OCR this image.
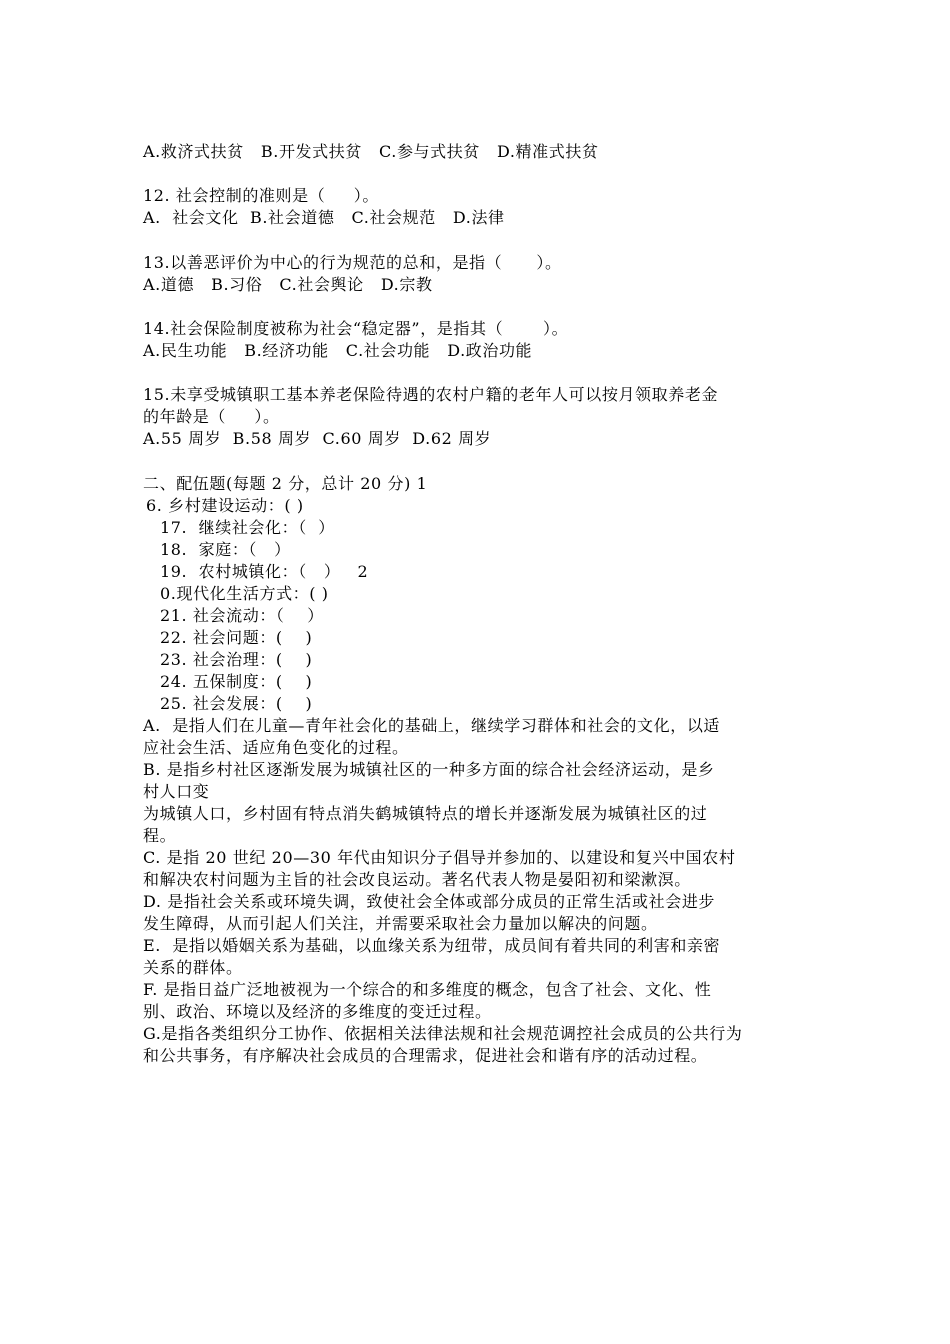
A.救济式扶贫   B.开发式扶贫   C.参与式扶贫   D.精准式扶贫
12. 社会控制的准则是（     ）。
A.  社会文化  B.社会道德   C.社会规范   D.法律
13.以善恶评价为中心的行为规范的总和，是指（      ）。
A.道德   B.习俗   C.社会舆论   D.宗教
14.社会保险制度被称为社会“稳定器”，是指其（       ）。
A.民生功能   B.经济功能   C.社会功能   D.政治功能
15.未享受城镇职工基本养老保险待遇的农村户籍的老年人可以按月领取养老金
的年龄是（     ）。
A.55 周岁  B.58 周岁  C.60 周岁  D.62 周岁
二、配伍题(每题 2 分，总计 20 分) 1
6. 乡村建设运动：( )
17.  继续社会化：（  ）
18.  家庭：（   ）
19.  农村城镇化：（   ）   2
0.现代化生活方式：( )
21. 社会流动：（    ）
22. 社会问题：(    )
23. 社会治理：(    )
24. 五保制度：(    )
25. 社会发展：(    )
A.  是指人们在儿童—青年社会化的基础上，继续学习群体和社会的文化，以适
应社会生活、适应角色变化的过程。
B. 是指乡村社区逐渐发展为城镇社区的一种多方面的综合社会经济运动，是乡
村人口变
为城镇人口，乡村固有特点消失鹤城镇特点的增长并逐渐发展为城镇社区的过
程。
C. 是指 20 世纪 20—30 年代由知识分子倡导并参加的、以建设和复兴中国农村
和解决农村问题为主旨的社会改良运动。著名代表人物是晏阳初和梁漱溟。
D. 是指社会关系或环境失调，致使社会全体或部分成员的正常生活或社会进步
发生障碍，从而引起人们关注，并需要采取社会力量加以解决的问题。
E.  是指以婚姻关系为基础，以血缘关系为纽带，成员间有着共同的利害和亲密
关系的群体。
F. 是指日益广泛地被视为一个综合的和多维度的概念，包含了社会、文化、性
别、政治、环境以及经济的多维度的变迁过程。
G.是指各类组织分工协作、依据相关法律法规和社会规范调控社会成员的公共行为
和公共事务，有序解决社会成员的合理需求，促进社会和谐有序的活动过程。
